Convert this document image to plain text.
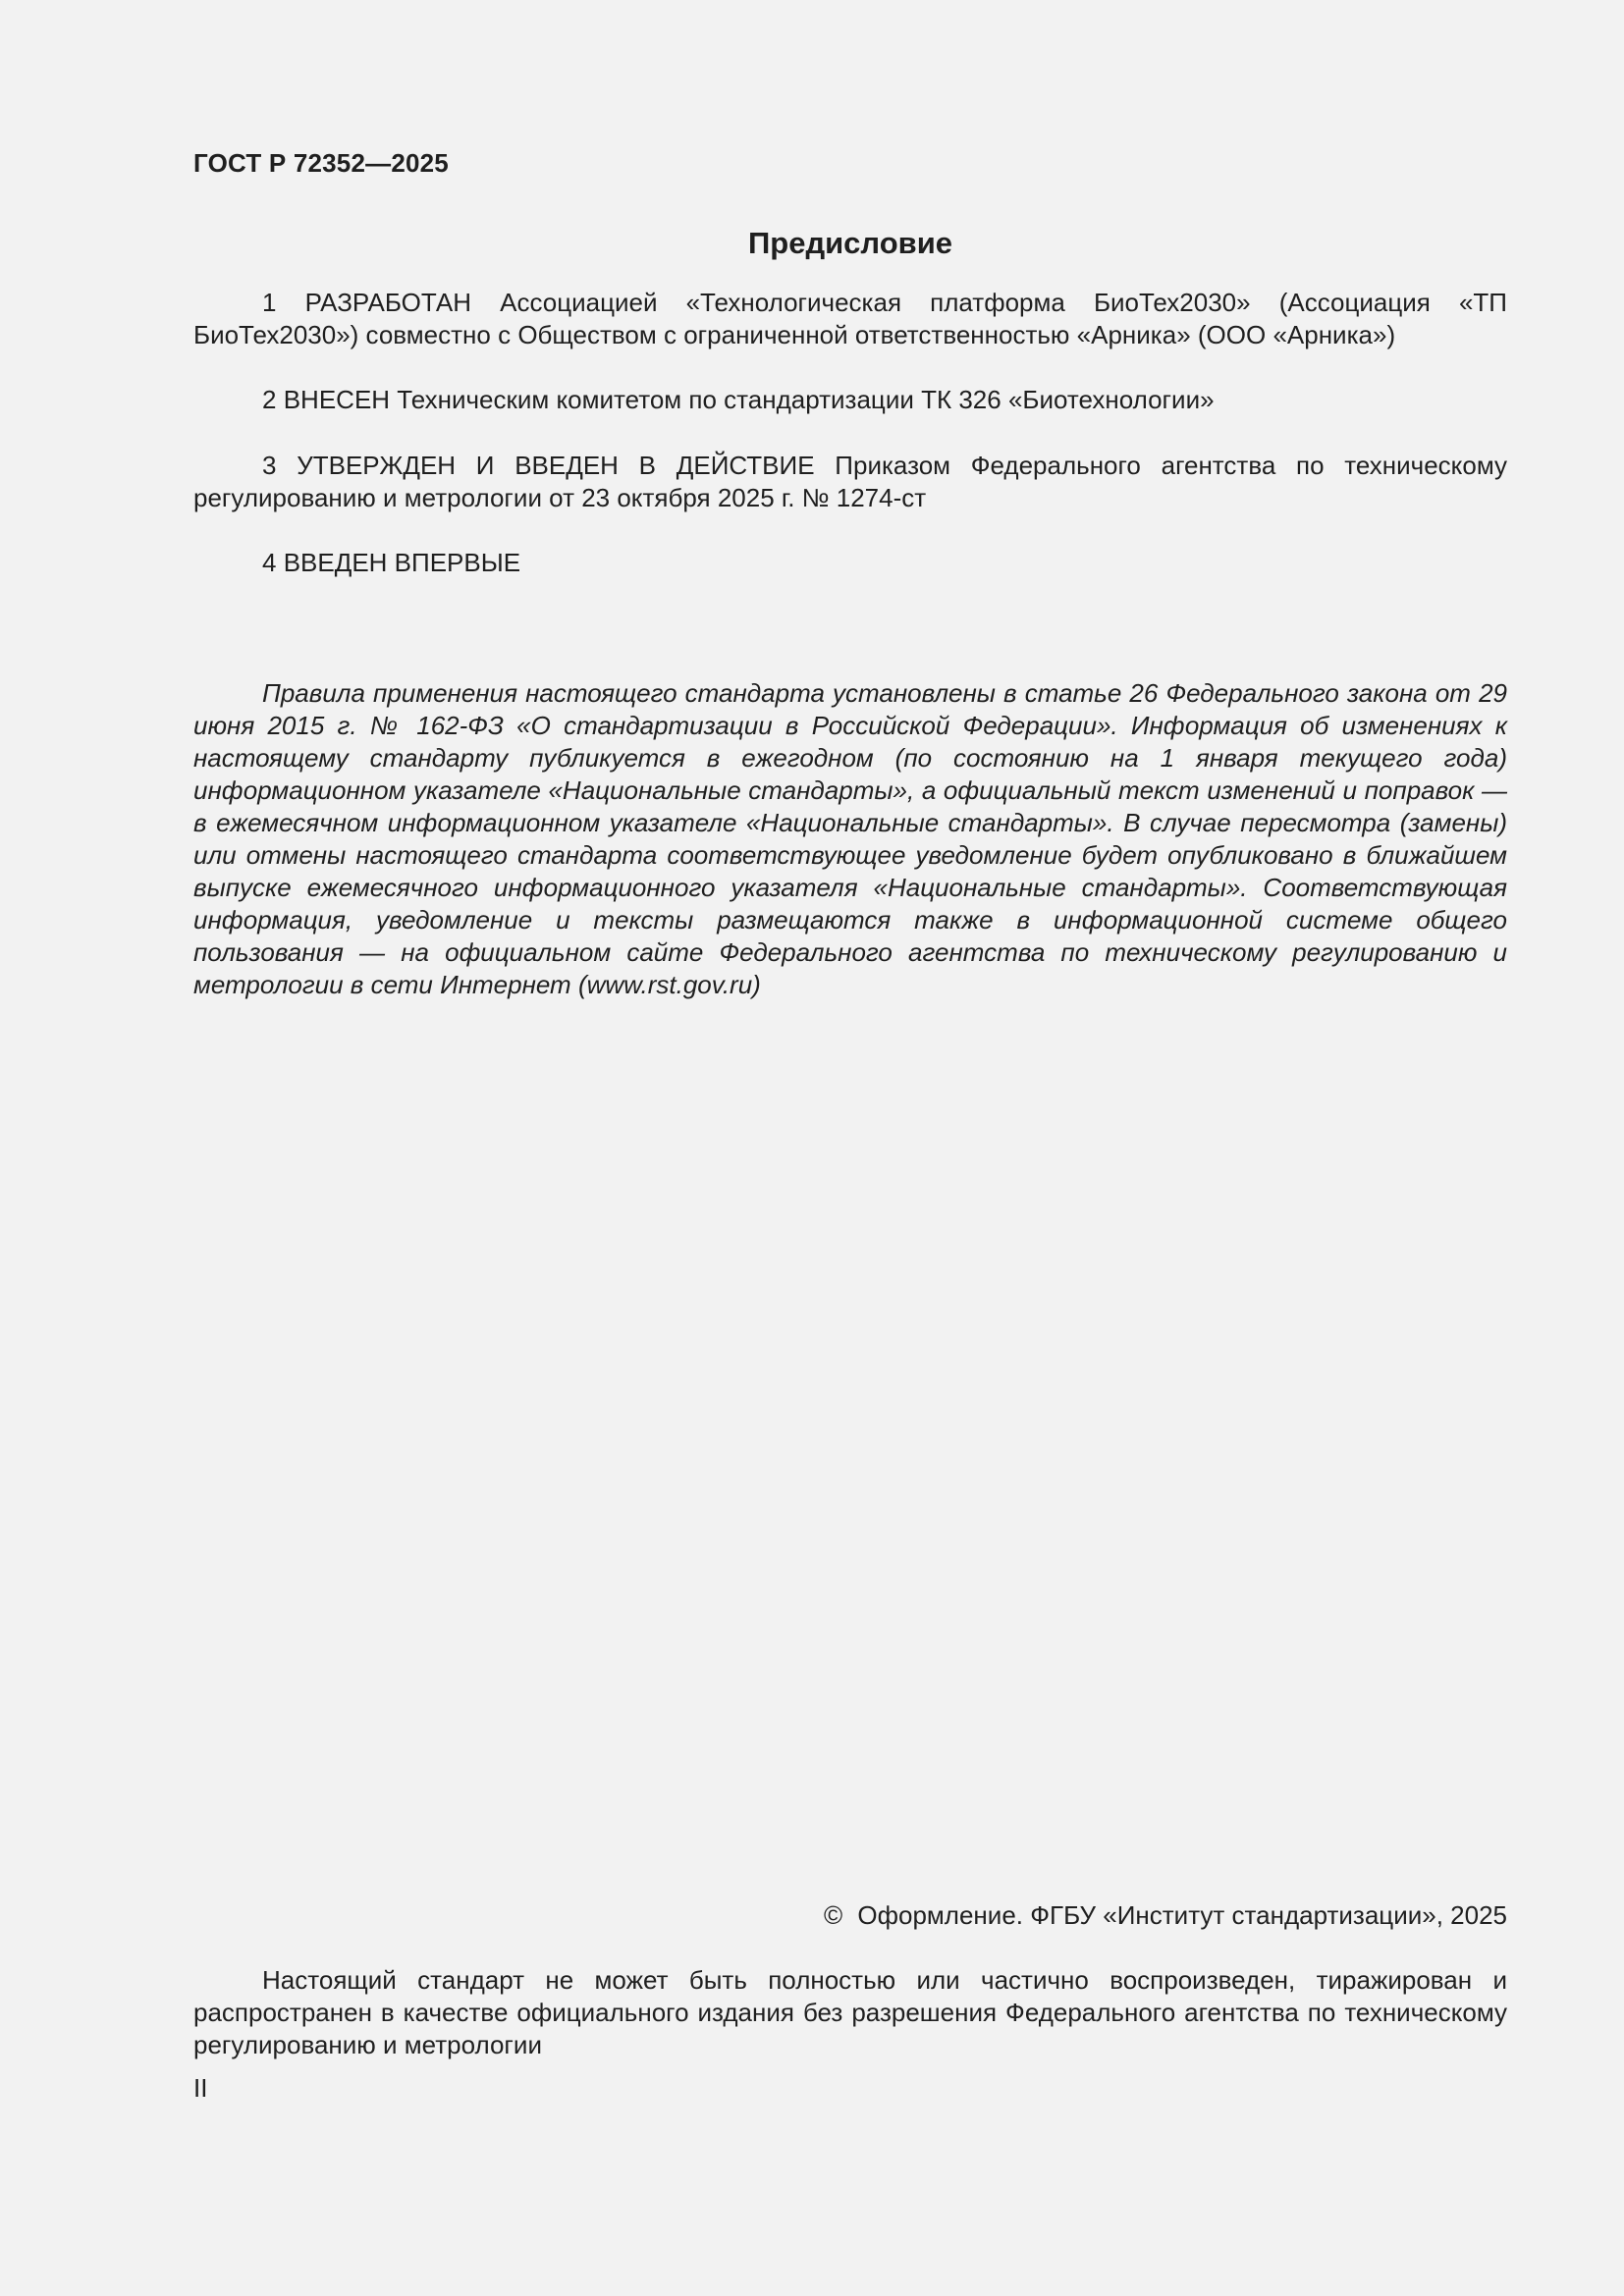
ГОСТ Р 72352—2025
Предисловие

1 РАЗРАБОТАН Ассоциацией «Технологическая платформа БиоТех2030» (Ассоциация «ТП БиоТех2030») совместно с Обществом с ограниченной ответственностью «Арника» (ООО «Арника»)

2 ВНЕСЕН Техническим комитетом по стандартизации ТК 326 «Биотехнологии»

3 УТВЕРЖДЕН И ВВЕДЕН В ДЕЙСТВИЕ Приказом Федерального агентства по техническому регулированию и метрологии от 23 октября 2025 г. № 1274-ст

4 ВВЕДЕН ВПЕРВЫЕ

Правила применения настоящего стандарта установлены в статье 26 Федерального закона от 29 июня 2015 г. № 162-ФЗ «О стандартизации в Российской Федерации». Информация об изменениях к настоящему стандарту публикуется в ежегодном (по состоянию на 1 января текущего года) информационном указателе «Национальные стандарты», а официальный текст изменений и поправок — в ежемесячном информационном указателе «Национальные стандарты». В случае пересмотра (замены) или отмены настоящего стандарта соответствующее уведомление будет опубликовано в ближайшем выпуске ежемесячного информационного указателя «Национальные стандарты». Соответствующая информация, уведомление и тексты размещаются также в информационной системе общего пользования — на официальном сайте Федерального агентства по техническому регулированию и метрологии в сети Интернет (www.rst.gov.ru)

© Оформление. ФГБУ «Институт стандартизации», 2025

Настоящий стандарт не может быть полностью или частично воспроизведен, тиражирован и распространен в качестве официального издания без разрешения Федерального агентства по техническому регулированию и метрологии

II
